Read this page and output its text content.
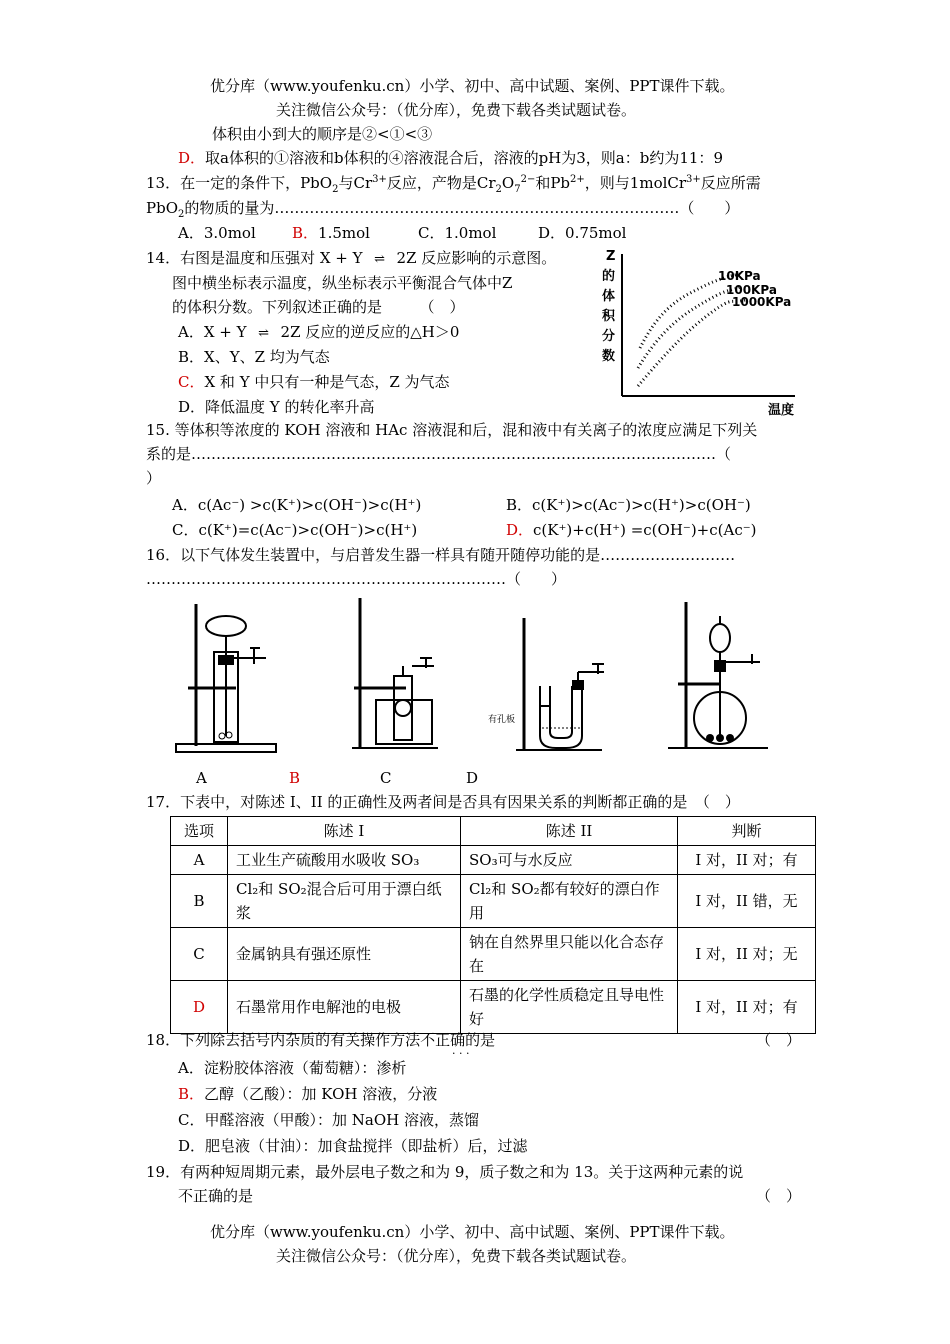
优分库（www.youfenku.cn）小学、初中、高中试题、案例、PPT课件下载。
关注微信公众号：（优分库），免费下载各类试题试卷。
体积由小到大的顺序是②<①<③
D．取a体积的①溶液和b体积的④溶液混合后，溶液的pH为3，则a：b约为11：9
13．在一定的条件下，PbO$_2$与$Cr^{3+}$反应，产物是$Cr_2O_7^{2-}$和$Pb^{2+}$，则与1molCr$^{3+}$反应所需
PbO$_2$的物质的量为………………………………………………………………………（　　）
A．3.0mol B．1.5mol	C．1.0mol	D．0.75mol
14．右图是温度和压强对 X + Y ⇌ 2Z 反应影响的示意图。
图中横坐标表示温度，纵坐标表示平衡混合气体中Z
的体积分数。下列叙述正确的是　　　（　）
A．X + Y ⇌ 2Z 反应的逆反应的△H＞0
B．X、Y、Z 均为气态
C．X 和 Y 中只有一种是气态，Z 为气态
D．降低温度 Y 的转化率升高
Z
的
体
积
分
数
10KPa
100KPa
1000KPa
温度
15. 等体积等浓度的 KOH 溶液和 HAc 溶液混和后，混和液中有关离子的浓度应满足下列关
系的是……………………………………………………………………………………………（
）
A．c(Ac⁻) >c(K⁺)>c(OH⁻)>c(H⁺)	B．c(K⁺)>c(Ac⁻)>c(H⁺)>c(OH⁻)
C．c(K⁺)=c(Ac⁻)>c(OH⁻)>c(H⁺)	D．c(K⁺)+c(H⁺) =c(OH⁻)+c(Ac⁻)
16．以下气体发生装置中，与启普发生器一样具有随开随停功能的是………………………
………………………………………………………………（　　）
有孔板
A	B	C	D
17．下表中，对陈述 I、II 的正确性及两者间是否具有因果关系的判断都正确的是　（　）
选项	陈述 I	陈述 II	判断
A	工业生产硫酸用水吸收 SO₃	SO₃可与水反应	I 对，II 对；有
B	Cl₂和 SO₂混合后可用于漂白纸浆	Cl₂和 SO₂都有较好的漂白作用	I 对，II 错，无
C	金属钠具有强还原性	钠在自然界里只能以化合态存在	I 对，II 对；无
D	石墨常用作电解池的电极	石墨的化学性质稳定且导电性好	I 对，II 对；有
18．下列除去括号内杂质的有关操作方法不正确的是	（　）
· · ·
A．淀粉胶体溶液（葡萄糖）：渗析
B．乙醇（乙酸）：加 KOH 溶液，分液
C．甲醛溶液（甲酸）：加 NaOH 溶液，蒸馏
D．肥皂液（甘油）：加食盐搅拌（即盐析）后，过滤
19．有两种短周期元素，最外层电子数之和为 9，质子数之和为 13。关于这两种元素的说
不正确的是	（　）
优分库（www.youfenku.cn）小学、初中、高中试题、案例、PPT课件下载。
关注微信公众号：（优分库），免费下载各类试题试卷。
